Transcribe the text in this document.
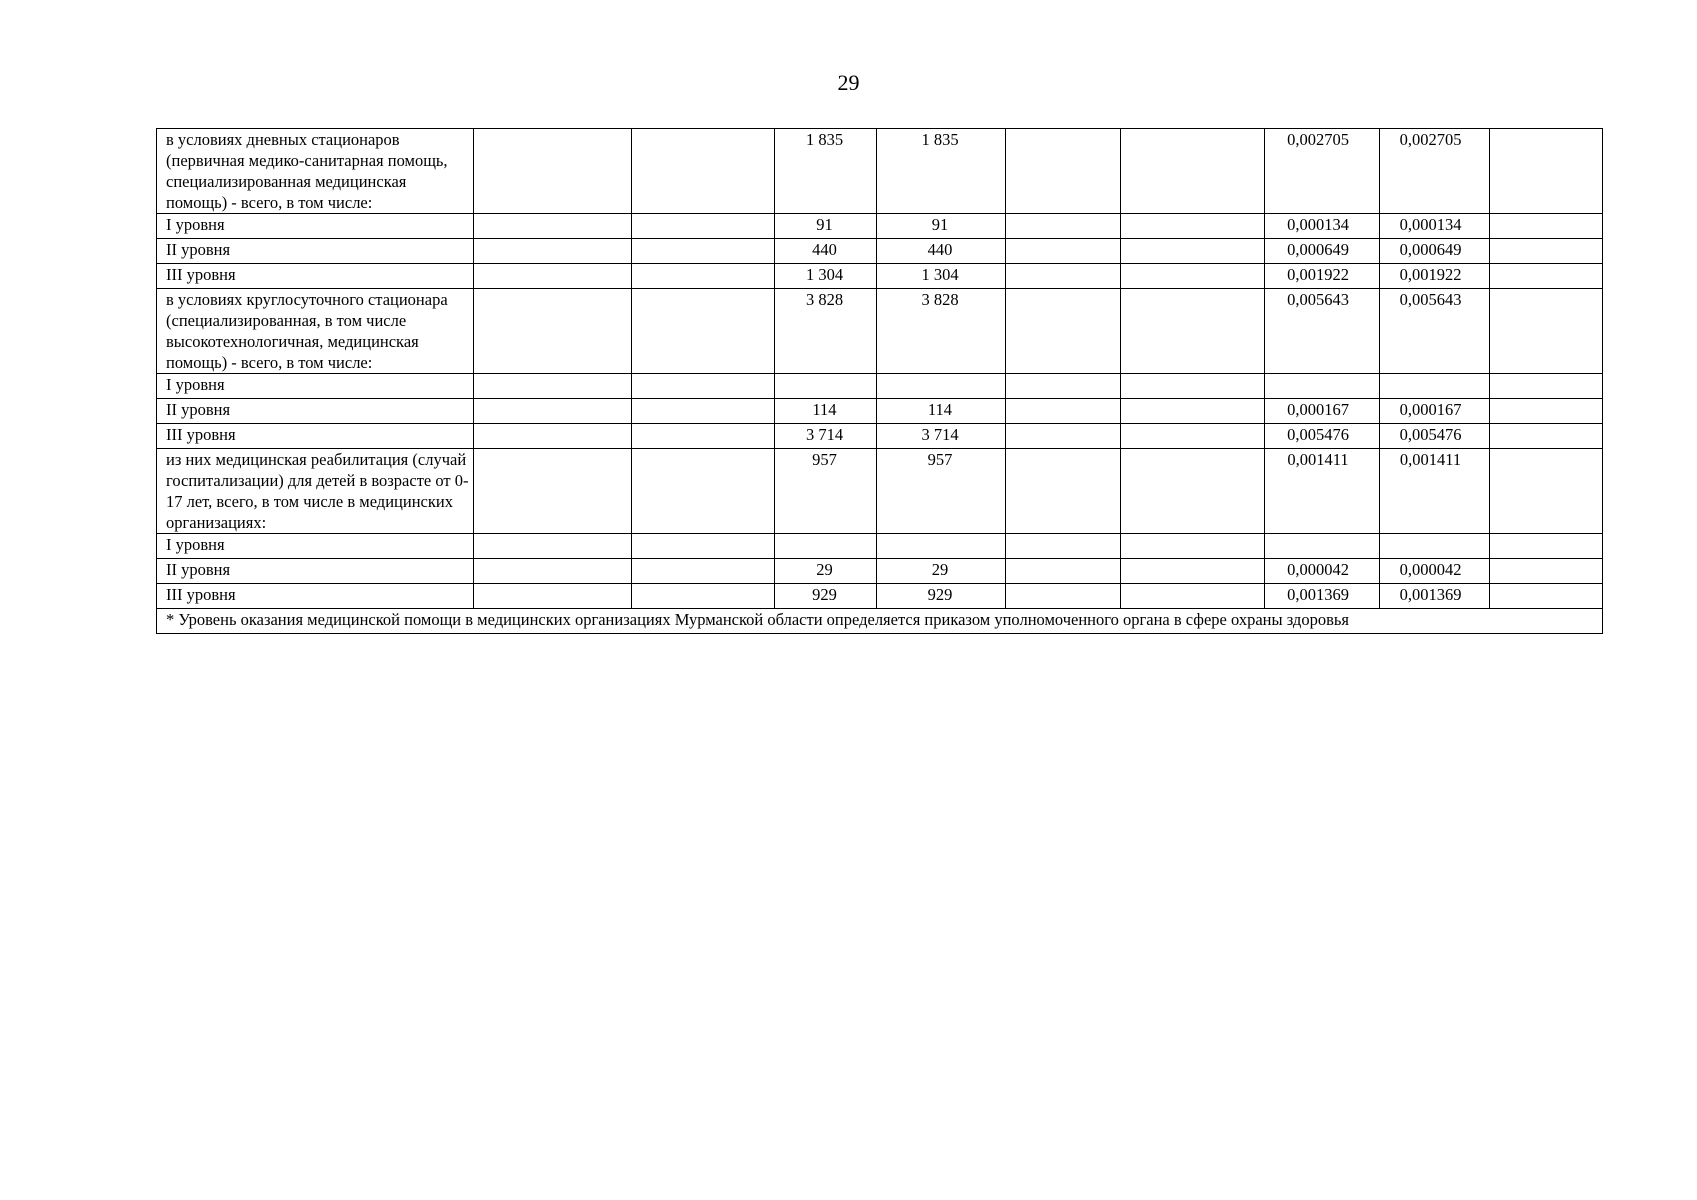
29
в условиях дневных стационаров (первичная медико-санитарная помощь, специализированная медицинская помощь) - всего, в том числе:			1 835	1 835			0,002705	0,002705	
I уровня			91	91			0,000134	0,000134	
II уровня			440	440			0,000649	0,000649	
III уровня			1 304	1 304			0,001922	0,001922	
в условиях круглосуточного стационара (специализированная, в том числе высокотехнологичная, медицинская помощь) - всего, в том числе:			3 828	3 828			0,005643	0,005643	
I уровня									
II уровня			114	114			0,000167	0,000167	
III уровня			3 714	3 714			0,005476	0,005476	
из них медицинская реабилитация (случай госпитализации) для детей в возрасте от 0-17 лет, всего, в том числе в медицинских организациях:			957	957			0,001411	0,001411	
I уровня									
II уровня			29	29			0,000042	0,000042	
III уровня			929	929			0,001369	0,001369	
* Уровень оказания медицинской помощи в медицинских организациях Мурманской области определяется приказом уполномоченного органа в сфере охраны здоровья									
